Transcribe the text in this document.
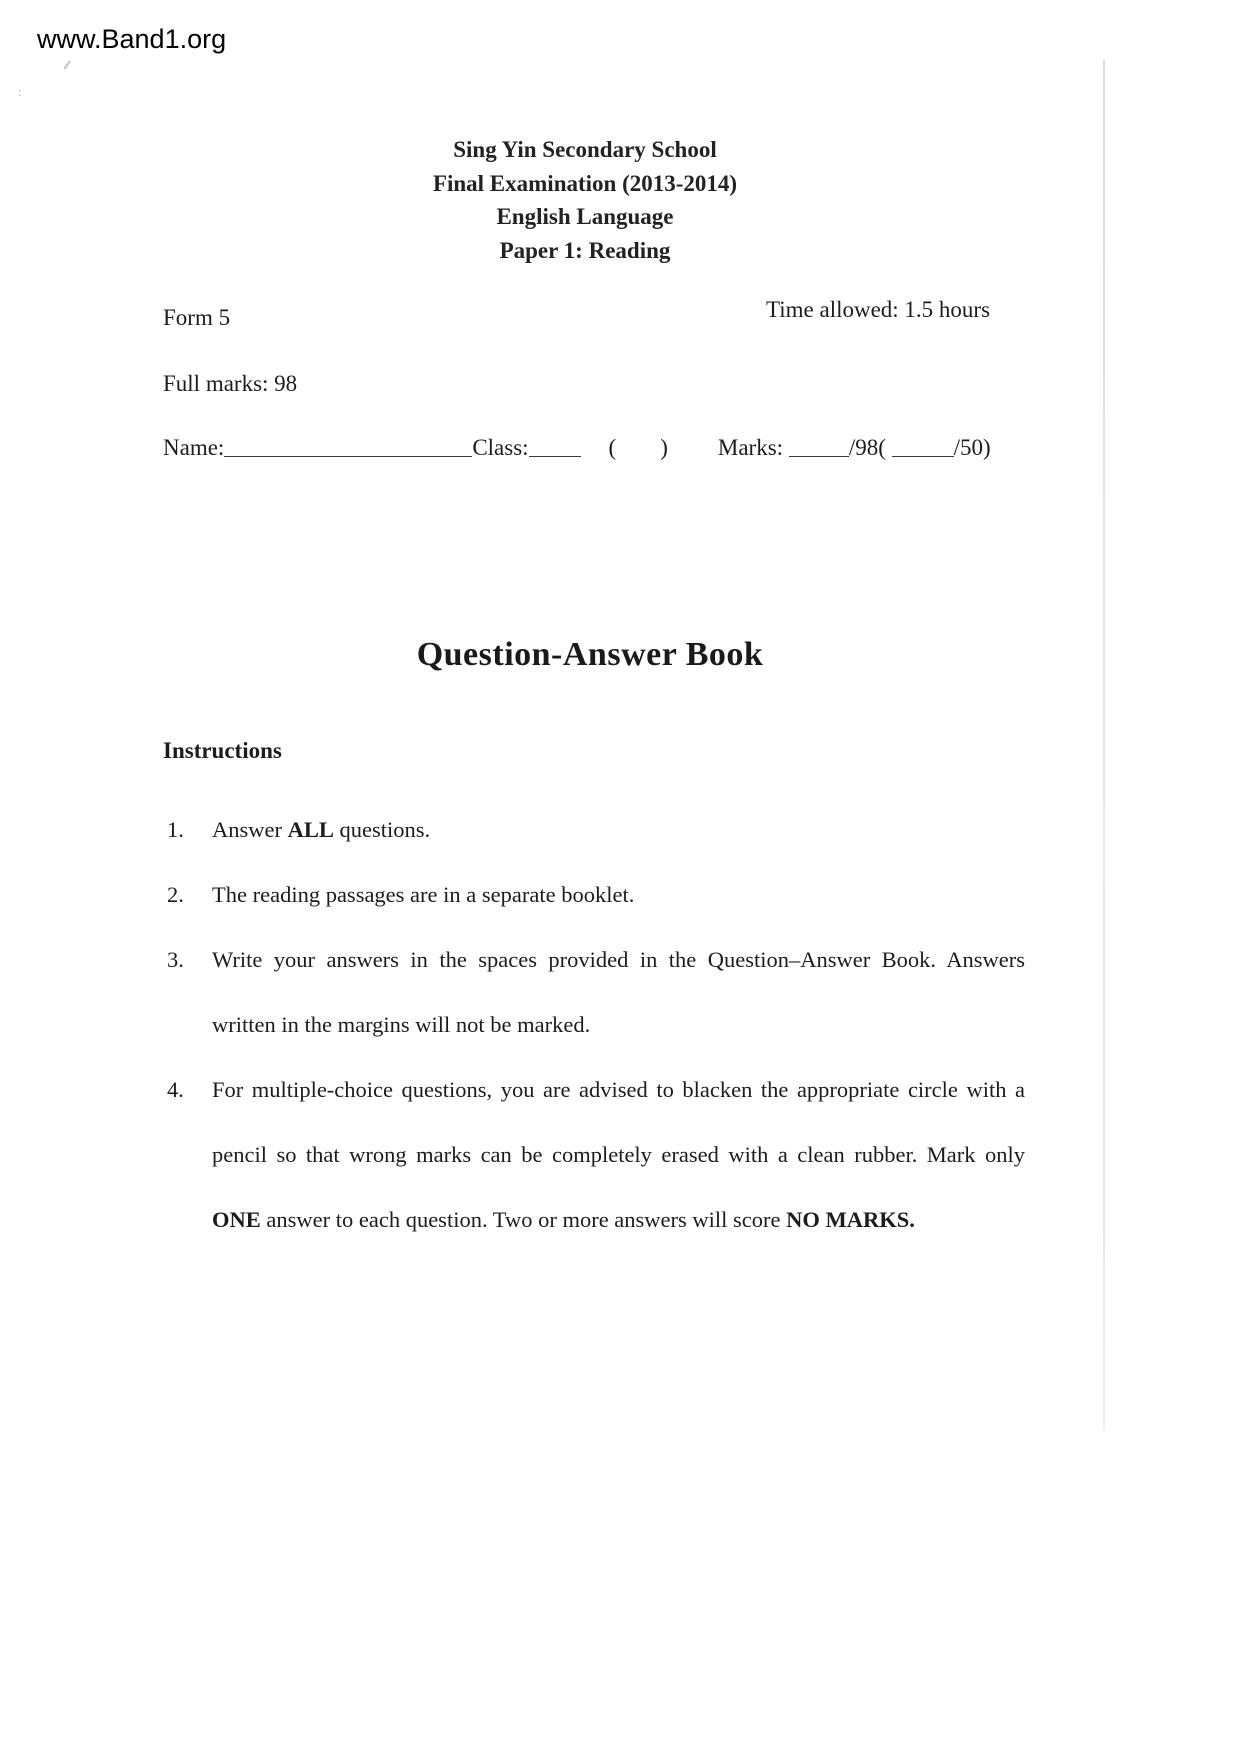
www.Band1.org
:
Sing Yin Secondary School
Final Examination (2013-2014)
English Language
Paper 1: Reading
Form 5	Time allowed: 1.5 hours
Full marks: 98
Name:	Class:	( ) Marks:	/98(	/50)
Question-Answer Book
Instructions
1. Answer ALL questions.
2. The reading passages are in a separate booklet.
3. Write your answers in the spaces provided in the Question–Answer Book. Answers
written in the margins will not be marked.
4. For multiple-choice questions, you are advised to blacken the appropriate circle with a
pencil so that wrong marks can be completely erased with a clean rubber. Mark only
ONE answer to each question. Two or more answers will score NO MARKS.
